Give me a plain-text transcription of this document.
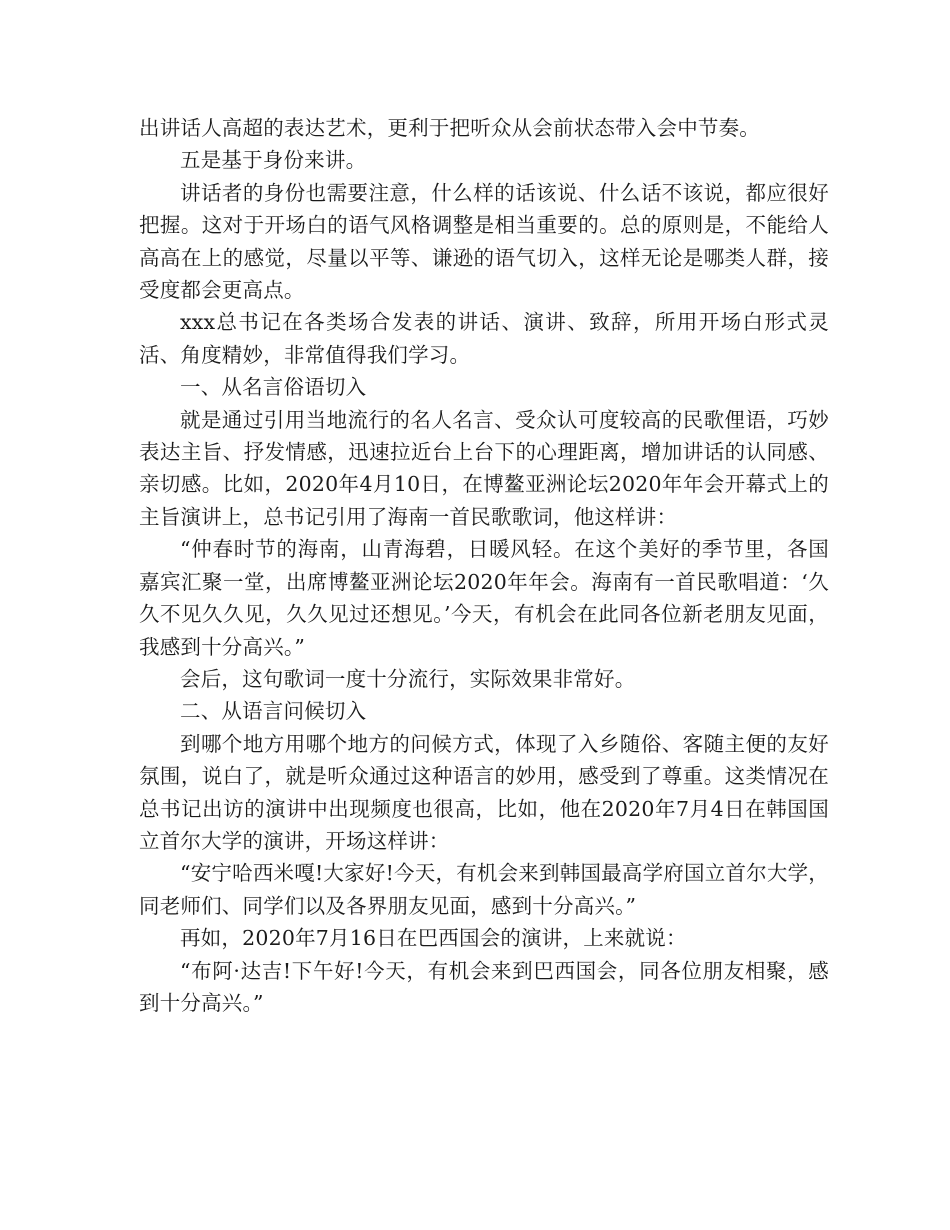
出讲话人高超的表达艺术，更利于把听众从会前状态带入会中节奏。

五是基于身份来讲。

讲话者的身份也需要注意，什么样的话该说、什么话不该说，都应很好把握。这对于开场白的语气风格调整是相当重要的。总的原则是，不能给人高高在上的感觉，尽量以平等、谦逊的语气切入，这样无论是哪类人群，接受度都会更高点。

xxx总书记在各类场合发表的讲话、演讲、致辞，所用开场白形式灵活、角度精妙，非常值得我们学习。

一、从名言俗语切入

就是通过引用当地流行的名人名言、受众认可度较高的民歌俚语，巧妙表达主旨、抒发情感，迅速拉近台上台下的心理距离，增加讲话的认同感、亲切感。比如，2020年4月10日，在博鳌亚洲论坛2020年年会开幕式上的主旨演讲上，总书记引用了海南一首民歌歌词，他这样讲：

“仲春时节的海南，山青海碧，日暖风轻。在这个美好的季节里，各国嘉宾汇聚一堂，出席博鳌亚洲论坛2020年年会。海南有一首民歌唱道：‘久久不见久久见，久久见过还想见。’今天，有机会在此同各位新老朋友见面，我感到十分高兴。”

会后，这句歌词一度十分流行，实际效果非常好。

二、从语言问候切入

到哪个地方用哪个地方的问候方式，体现了入乡随俗、客随主便的友好氛围，说白了，就是听众通过这种语言的妙用，感受到了尊重。这类情况在总书记出访的演讲中出现频度也很高，比如，他在2020年7月4日在韩国国立首尔大学的演讲，开场这样讲：

“安宁哈西米嘎!大家好!今天，有机会来到韩国最高学府国立首尔大学，同老师们、同学们以及各界朋友见面，感到十分高兴。”

再如，2020年7月16日在巴西国会的演讲，上来就说：

“布阿·达吉!下午好!今天，有机会来到巴西国会，同各位朋友相聚，感到十分高兴。”
